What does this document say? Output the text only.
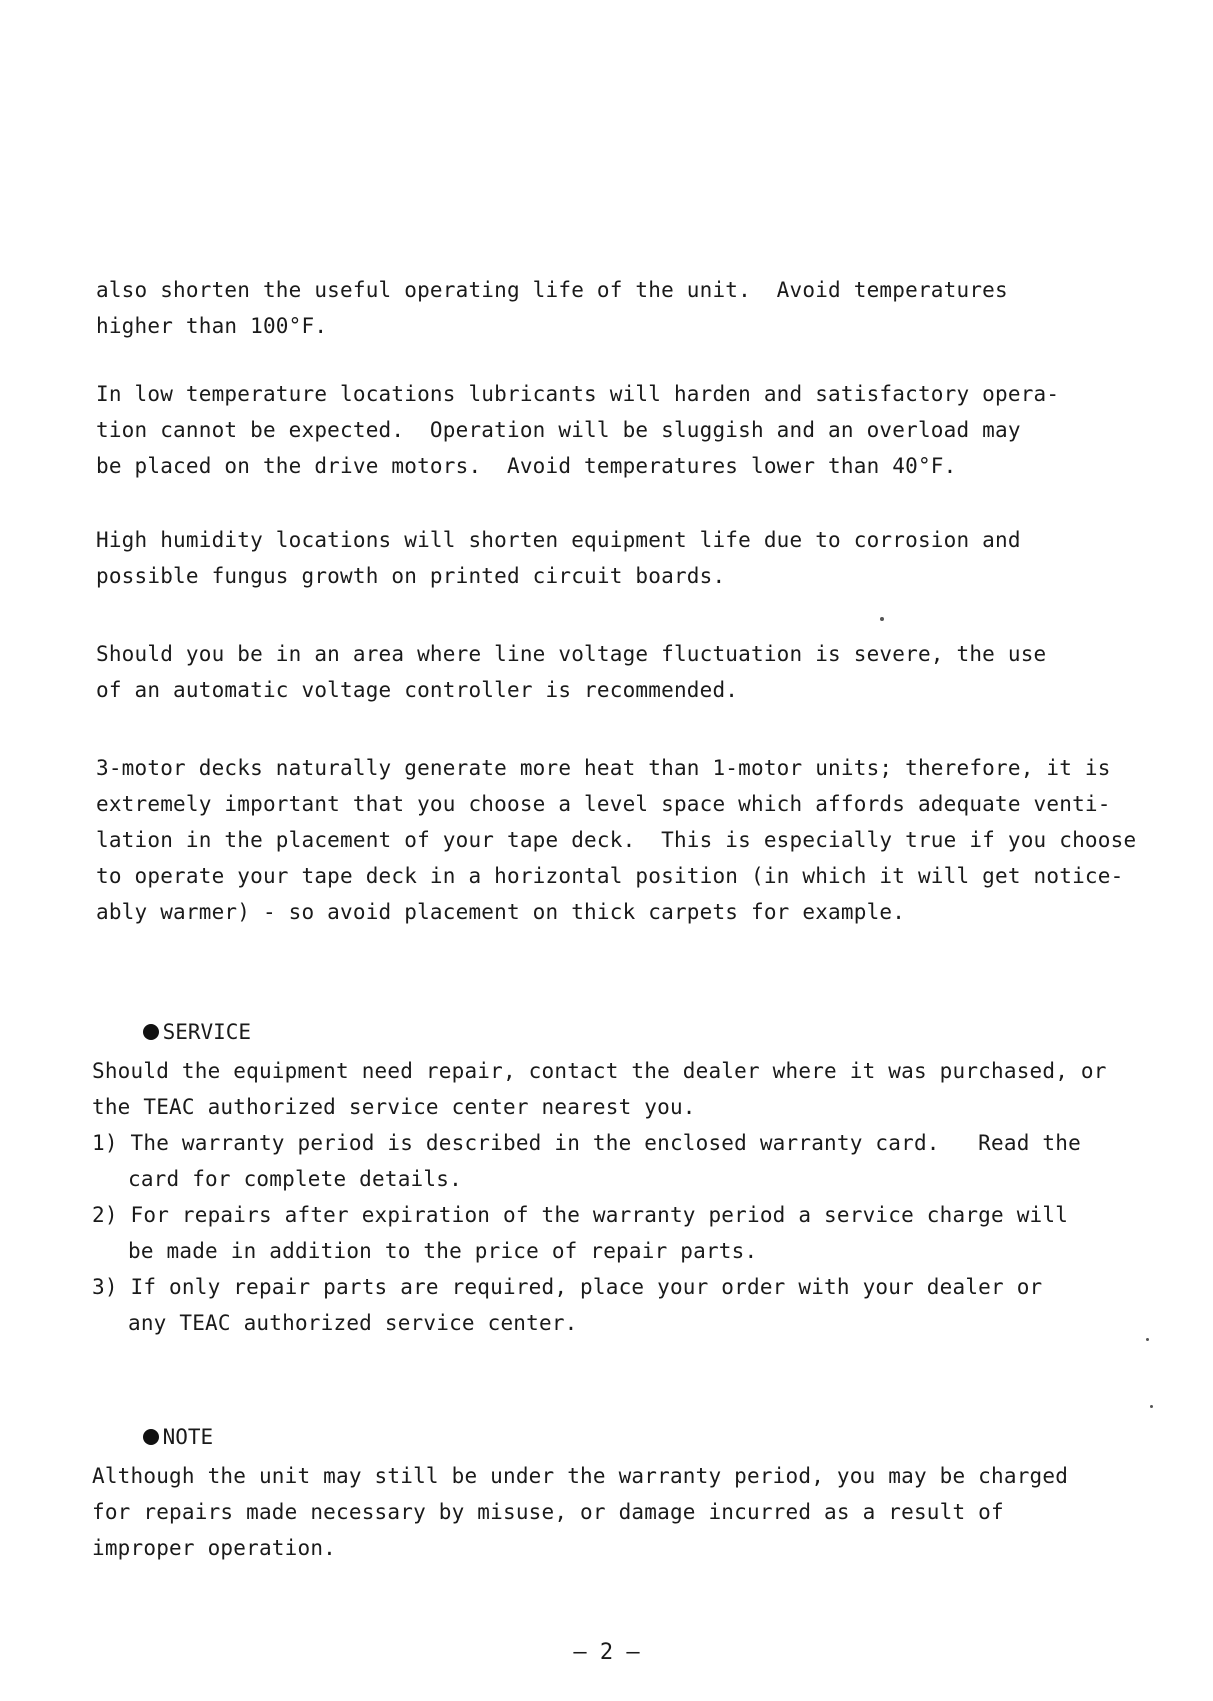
also shorten the useful operating life of the unit.  Avoid temperatures
higher than 100°F.

In low temperature locations lubricants will harden and satisfactory opera-
tion cannot be expected.  Operation will be sluggish and an overload may
be placed on the drive motors.  Avoid temperatures lower than 40°F.

High humidity locations will shorten equipment life due to corrosion and
possible fungus growth on printed circuit boards.

Should you be in an area where line voltage fluctuation is severe, the use
of an automatic voltage controller is recommended.

3-motor decks naturally generate more heat than 1-motor units; therefore, it is
extremely important that you choose a level space which affords adequate venti-
lation in the placement of your tape deck.  This is especially true if you choose
to operate your tape deck in a horizontal position (in which it will get notice-
ably warmer) - so avoid placement on thick carpets for example.

SERVICE

Should the equipment need repair, contact the dealer where it was purchased, or
the TEAC authorized service center nearest you.
1) The warranty period is described in the enclosed warranty card.   Read the
card for complete details.
2) For repairs after expiration of the warranty period a service charge will
be made in addition to the price of repair parts.
3) If only repair parts are required, place your order with your dealer or
any TEAC authorized service center.

NOTE

Although the unit may still be under the warranty period, you may be charged
for repairs made necessary by misuse, or damage incurred as a result of
improper operation.
— 2 —
